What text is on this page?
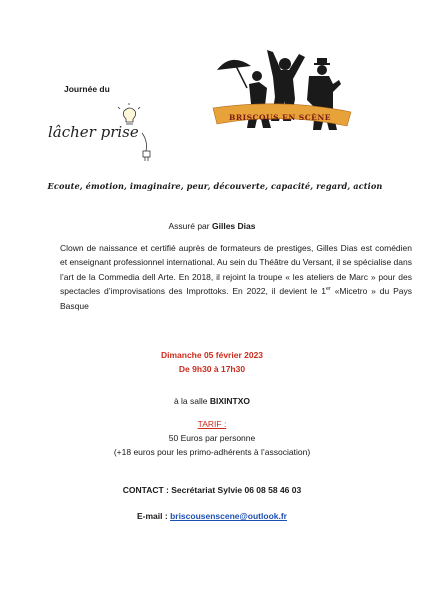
Journée du
lâcher prise
BRISCOUS EN SCÈNE
Ecoute, émotion, imaginaire, peur, découverte, capacité, regard, action
Assuré par Gilles Dias
Clown de naissance et certifié auprès de formateurs de prestiges, Gilles Dias est comédien et enseignant professionnel international. Au sein du Théâtre du Versant, il se spécialise dans l’art de la Commedia dell Arte. En 2018, il rejoint la troupe « les ateliers de Marc » pour des spectacles d’improvisations des Improttoks. En 2022, il devient le 1er «Micetro » du Pays Basque
Dimanche 05 février 2023
De 9h30 à 17h30
à la salle BIXINTXO
TARIF :
50 Euros par personne
(+18 euros pour les primo-adhérents à l’association)
CONTACT : Secrétariat Sylvie 06 08 58 46 03
E-mail : briscousenscene@outlook.fr
